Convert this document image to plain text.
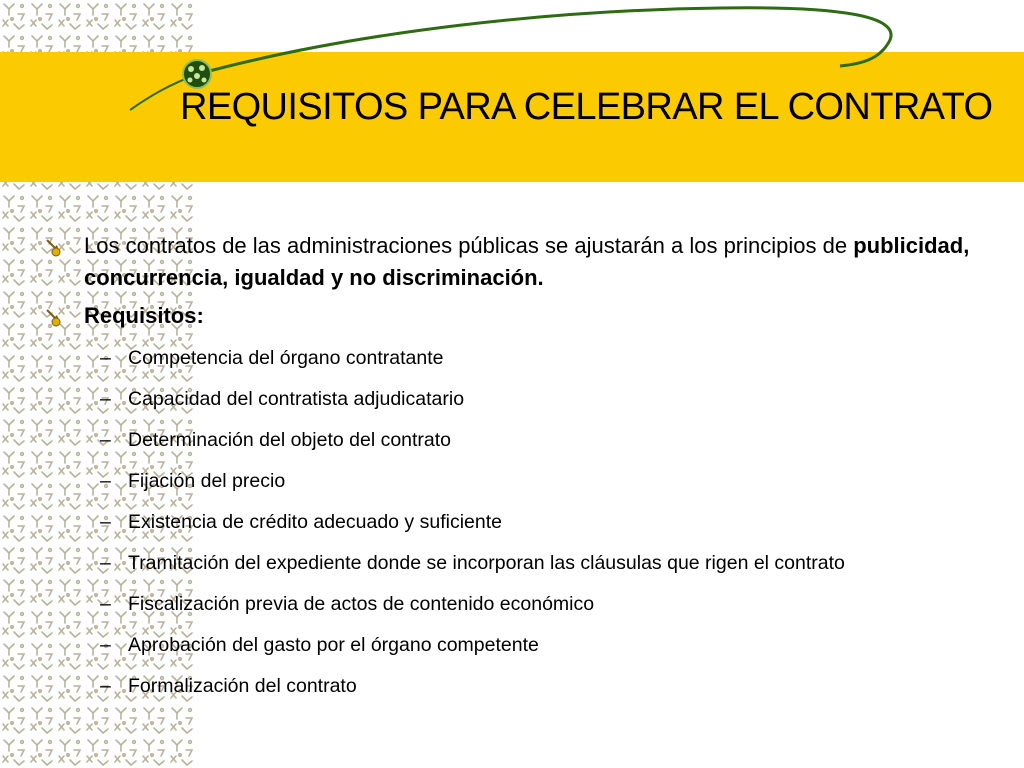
REQUISITOS PARA CELEBRAR EL CONTRATO
Los contratos de las administraciones públicas se ajustarán a los principios de publicidad, concurrencia, igualdad y no discriminación.
Requisitos:
– Competencia del órgano contratante
– Capacidad del contratista adjudicatario
– Determinación del objeto del contrato
– Fijación del precio
– Existencia de crédito adecuado y suficiente
– Tramitación del expediente donde se incorporan las cláusulas que rigen el contrato
– Fiscalización previa de actos de contenido económico
– Aprobación del gasto por el órgano competente
– Formalización del contrato
